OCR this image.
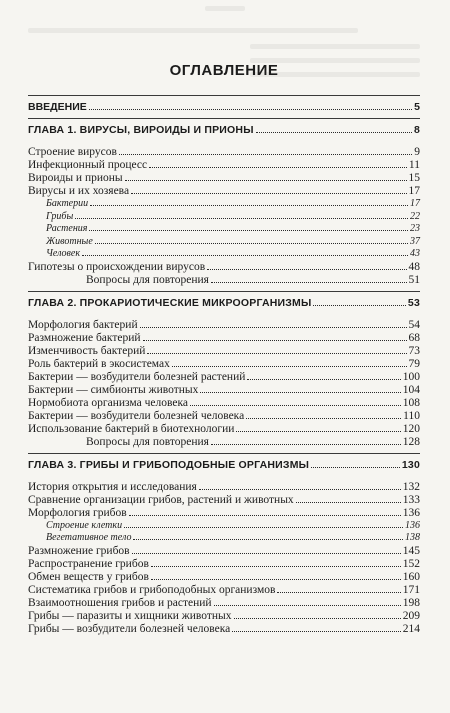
ОГЛАВЛЕНИЕ
ВВЕДЕНИЕ	5
ГЛАВА 1. ВИРУСЫ, ВИРОИДЫ И ПРИОНЫ	8
Строение вирусов	9
Инфекционный процесс	11
Вироиды и прионы	15
Вирусы и их хозяева	17
Бактерии	17
Грибы	22
Растения	23
Животные	37
Человек	43
Гипотезы о происхождении вирусов	48
Вопросы для повторения	51
ГЛАВА 2. ПРОКАРИОТИЧЕСКИЕ МИКРООРГАНИЗМЫ	53
Морфология бактерий	54
Размножение бактерий	68
Изменчивость бактерий	73
Роль бактерий в экосистемах	79
Бактерии — возбудители болезней растений	100
Бактерии — симбионты животных	104
Нормобиота организма человека	108
Бактерии — возбудители болезней человека	110
Использование бактерий в биотехнологии	120
Вопросы для повторения	128
ГЛАВА 3. ГРИБЫ И ГРИБОПОДОБНЫЕ ОРГАНИЗМЫ	130
История открытия и исследования	132
Сравнение организации грибов, растений и животных	133
Морфология грибов	136
Строение клетки	136
Вегетативное тело	138
Размножение грибов	145
Распространение грибов	152
Обмен веществ у грибов	160
Систематика грибов и грибоподобных организмов	171
Взаимоотношения грибов и растений	198
Грибы — паразиты и хищники животных	209
Грибы — возбудители болезней человека	214
